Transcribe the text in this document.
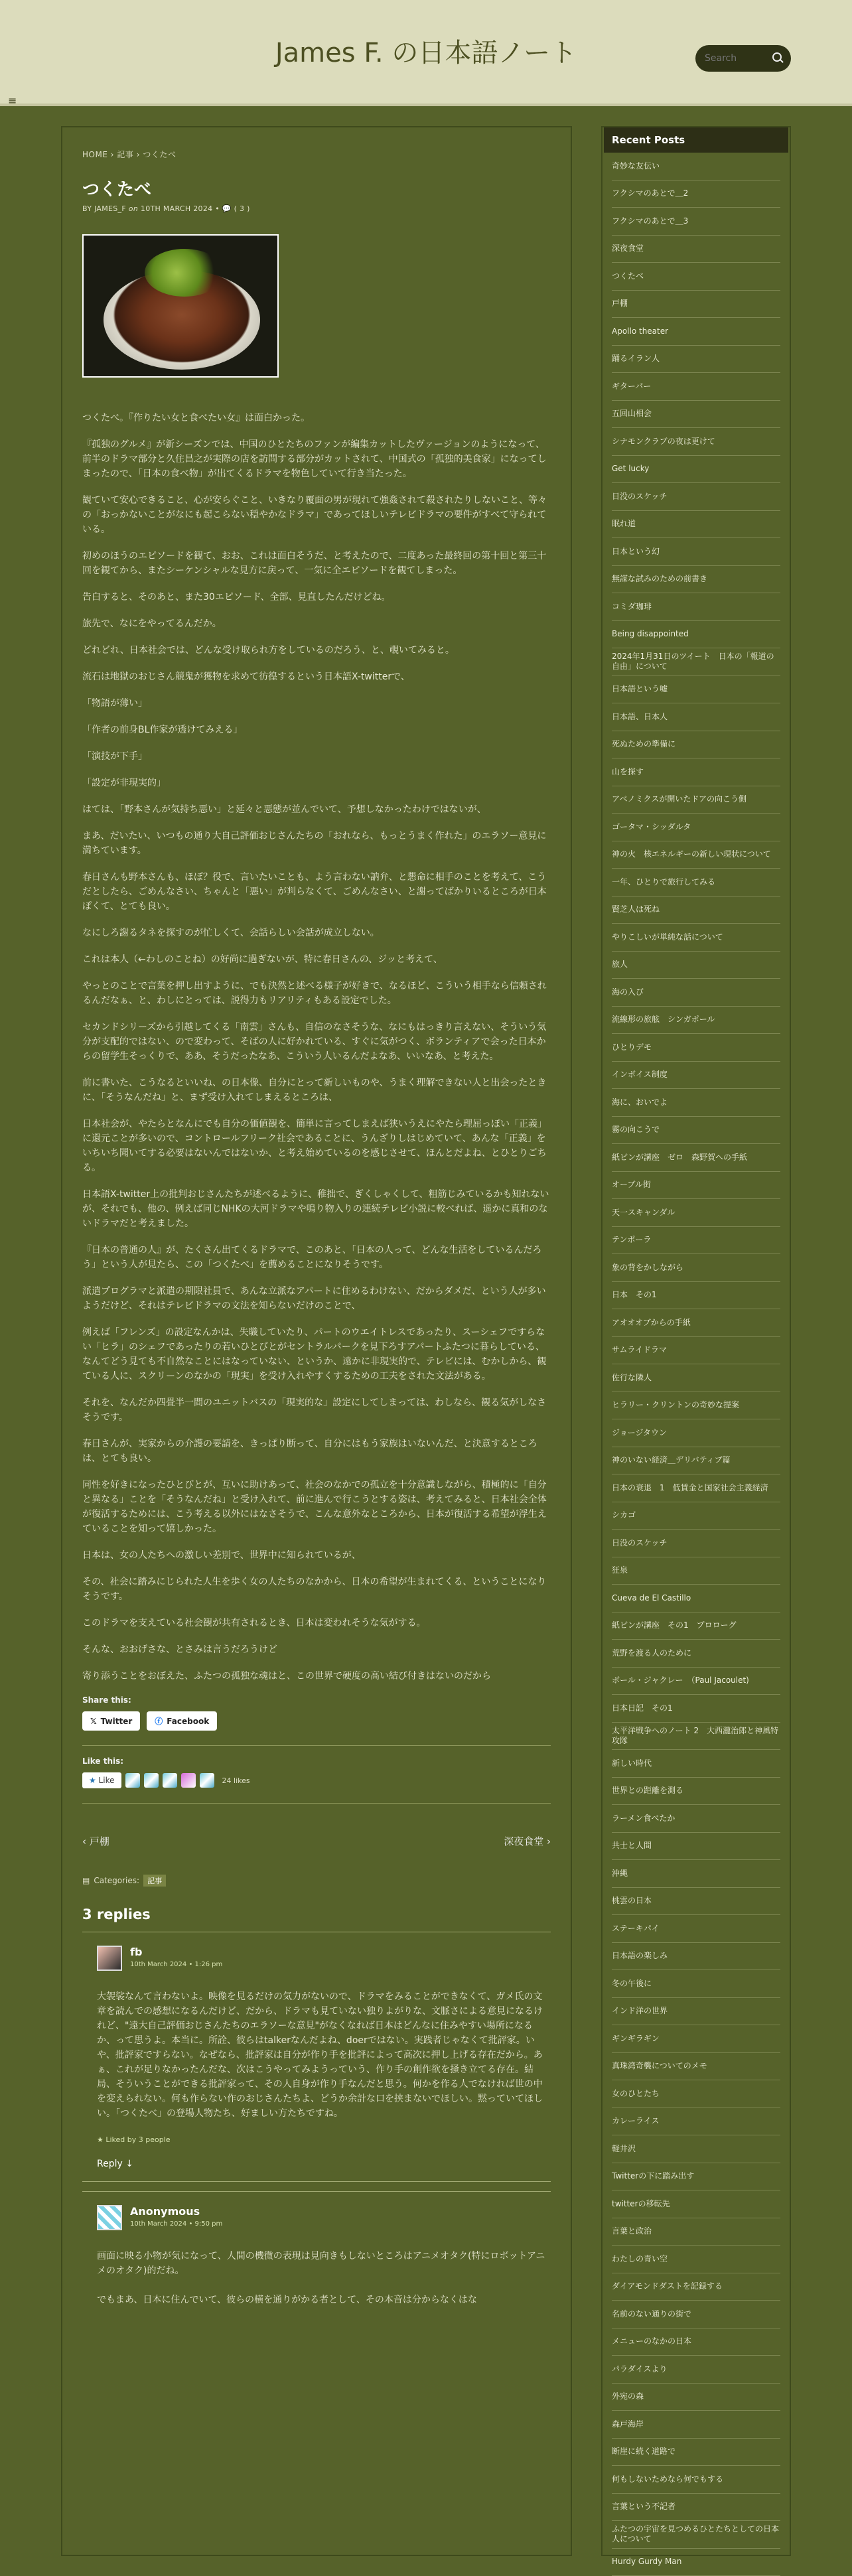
James F. の日本語ノート
Search
≡
HOME › 記事 › つくたべ
つくたべ
BY JAMES_F on 10TH MARCH 2024 • 💬 ( 3 )

つくたべ。『作りたい女と食べたい女』は面白かった。

『孤独のグルメ』が新シーズンでは、中国のひとたちのファンが編集カットしたヴァージョンのようになって、前半のドラマ部分と久住昌之が実際の店を訪問する部分がカットされて、中国式の「孤独的美食家」になってしまったので、「日本の食べ物」が出てくるドラマを物色していて行き当たった。

観ていて安心できること、心が安らぐこと、いきなり覆面の男が現れて強姦されて殺されたりしないこと、等々の「おっかないことがなにも起こらない穏やかなドラマ」であってほしいテレビドラマの要件がすべて守られている。

初めのほうのエピソードを観て、おお、これは面白そうだ、と考えたので、二度あった最終回の第十回と第三十回を観てから、またシーケンシャルな見方に戻って、一気に全エピソードを観てしまった。

告白すると、そのあと、また30エピソード、全部、見直したんだけどね。

旅先で、なにをやってるんだか。

どれどれ、日本社会では、どんな受け取られ方をしているのだろう、と、覗いてみると。

流石は地獄のおじさん競鬼が獲物を求めて彷徨するという日本語X-twitterで、

「物語が薄い」

「作者の前身BL作家が透けてみえる」

「演技が下手」

「設定が非現実的」

はては、「野本さんが気持ち悪い」と延々と悪態が並んでいて、予想しなかったわけではないが、

まあ、だいたい、いつもの通り大自己評価おじさんたちの「おれなら、もっとうまく作れた」のエラソー意見に満ちています。

春日さんも野本さんも、ほぼ？役で、言いたいことも、よう言わない訥弁、と懇命に相手のことを考えて、こうだとしたら、ごめんなさい、ちゃんと「悪い」が判らなくて、ごめんなさい、と謝ってばかりいるところが日本ぽくて、とても良い。

なにしろ謝るタネを探すのが忙しくて、会話らしい会話が成立しない。

これは本人（←わしのことね）の好尚に過ぎないが、特に春日さんの、ジッと考えて、

やっとのことで言葉を押し出すように、でも決然と述べる様子が好きで、なるほど、こういう相手なら信頼されるんだなぁ、と、わしにとっては、説得力もリアリティもある設定でした。

セカンドシリーズから引越してくる「南雲」さんも、自信のなさそうな、なにもはっきり言えない、そういう気分が支配的ではない、ので変わって、そばの人に好かれている、すぐに気がつく、ボランティアで会った日本からの留学生そっくりで、ああ、そうだったなあ、こういう人いるんだよなあ、いいなあ、と考えた。

前に書いた、こうなるといいね、の日本像、自分にとって新しいものや、うまく理解できない人と出会ったときに、「そうなんだね」と、まず受け入れてしまえるところは、

日本社会が、やたらとなんにでも自分の価値観を、簡単に言ってしまえば狭いうえにやたら理屈っぽい「正義」に還元ことが多いので、コントロールフリーク社会であることに、うんざりしはじめていて、あんな「正義」をいちいち聞いてする必要はないんではないか、と考え始めているのを感じさせて、ほんとだよね、とひとりごちる。

日本語X-twitter上の批判おじさんたちが述べるように、稚拙で、ぎくしゃくして、粗筋じみているかも知れないが、それでも、他の、例えば同じNHKの大河ドラマや鳴り物入りの連続テレビ小説に較べれば、遥かに真和のないドラマだと考えました。

『日本の普通の人』が、たくさん出てくるドラマで、このあと、「日本の人って、どんな生活をしているんだろう」という人が見たら、この「つくたべ」を薦めることになりそうです。

派遣プログラマと派遣の期限社員で、あんな立派なアパートに住めるわけない、だからダメだ、という人が多いようだけど、それはテレビドラマの文法を知らないだけのことで、

例えば「フレンズ」の設定なんかは、失職していたり、パートのウエイトレスであったり、スーシェフですらない「ヒラ」のシェフであったりの若いひとびとがセントラルパークを見下ろすアパートふたつに暮らしている、なんてどう見ても不自然なことにはなっていない、というか、遠かに非現実的で、テレビには、むかしから、観ている人に、スクリーンのなかの「現実」を受け入れやすくするための工夫をされた文法がある。

それを、なんだか四畳半一間のユニットバスの「現実的な」設定にしてしまっては、わしなら、観る気がしなさそうです。

春日さんが、実家からの介護の要請を、きっぱり断って、自分にはもう家族はいないんだ、と決意するところは、とても良い。

同性を好きになったひとびとが、互いに助けあって、社会のなかでの孤立を十分意識しながら、積極的に「自分と異なる」ことを「そうなんだね」と受け入れて、前に進んで行こうとする姿は、考えてみると、日本社会全体が復活するためには、こう考える以外にはなさそうで、こんな意外なところから、日本が復活する希望が浮生えていることを知って嬉しかった。

日本は、女の人たちへの激しい差別で、世界中に知られているが、

その、社会に踏みにじられた人生を歩く女の人たちのなかから、日本の希望が生まれてくる、ということになりそうです。

このドラマを支えている社会観が共有されるとき、日本は変われそうな気がする。

そんな、おおげさな、とさみは言うだろうけど

寄り添うことをおぼえた、ふたつの孤独な魂はと、この世界で硬度の高い結び付きはないのだから

Share this:
𝕏 Twitter	ⓕ Facebook
Like this:
★ Like	24 likes
‹ 戸棚	深夜食堂 ›
▤ Categories:	記事
3 replies
fb
10th March 2024 • 1:26 pm
大袈裟なんて言わないよ。映像を見るだけの気力がないので、ドラマをみることができなくて、ガメ氏の文章を読んでの感想になるんだけど、だから、ドラマも見ていない独りよがりな、文脈さによる意見になるけれど、"遠大自己評価おじさんたちのエラソーな意見"がなくなれば日本はどんなに住みやすい場所になるか、って思うよ。本当に。所詮、彼らはtalkerなんだよね、doerではない。実践者じゃなくて批評家。いや、批評家ですらない。なぜなら、批評家は自分が作り手を批評によって高次に押し上げる存在だから。あぁ、これが足りなかったんだな、次はこうやってみようっていう、作り手の創作欲を掻き立てる存在。結局、そういうことができる批評家って、その人自身が作り手なんだと思う。何かを作る人でなければ世の中を変えられない。何も作らない作のおじさんたちよ、どうか余計な口を挟まないでほしい。黙っていてほしい。「つくたべ」の登場人物たち、好ましい方たちですね。
★ Liked by 3 people
Reply ↓
Anonymous
10th March 2024 • 9:50 pm
画面に映る小物が気になって、人間の機微の表現は見向きもしないところはアニメオタク(特にロボットアニメのオタク)的だね。

でもまあ、日本に住んでいて、彼らの横を通りがかる者として、その本音は分からなくはな
Recent Posts
奇妙な友伝い
フクシマのあとで＿2
フクシマのあとで＿3
深夜食堂
つくたべ
戸棚
Apollo theater
踊るイラン人
ギターパー
五回山相会
シナモンクラブの夜は更けて
Get lucky
日没のスケッチ
眠れ道
日本という幻
無謀な試みのための前書き
コミダ珈琲
Being disappointed
2024年1月31日のツイート　日本の「報道の自由」について
日本語という嘘
日本語、日本人
死ぬための準備に
山を探す
アベノミクスが開いたドアの向こう側
ゴータマ・シッダルタ
神の火　核エネルギーの新しい現状について
一年、ひとりで旅行してみる
賢芝人は死ね
やりこしいが単純な話について
旅人
海の入び
流線形の旅舷　シンガポール
ひとりデモ
インボイス制度
海に、おいでよ
霧の向こうで
紙ピンが講座　ゼロ　森野賀への手紙
オーブル街
天一スキャンダル
テンポーラ
象の背をかしながら
日本　その1
アオオオブからの手紙
サムライドラマ
佐行な隣人
ヒラリー・クリントンの奇妙な提案
ジョージタウン
神のいない経済＿デリバティブ篇
日本の衰退　1　低賃金と国家社会主義経済
シカゴ
日没のスケッチ
狂泉
Cueva de El Castillo
紙ピンが講座　その1　プロローグ
荒野を渡る人のために
ボール・ジャクレー　（Paul Jacoulet)
日本日記　その1
太平洋戦争へのノート 2　大西瀧治郎と神風特攻隊
新しい時代
世界との距離を測る
ラーメン食べたか
共士と人間
沖縄
桃雲の日本
ステーキパイ
日本語の楽しみ
冬の午後に
インド洋の世界
ギンギラギン
真珠湾奇襲についてのメモ
女のひとたち
カレーライス
軽井沢
Twitterの下に踏み出す
twitterの移転先
言葉と政治
わたしの青い空
ダイアモンドダストを記録する
名前のない通りの街で
メニューのなかの日本
パラダイスより
外宛の森
森戸海岸
断崖に続く道路で
何もしないためなら何でもする
言葉という不記者
ふたつの宇宙を見つめるひとたちとしての日本人について
Hurdy Gurdy Man
